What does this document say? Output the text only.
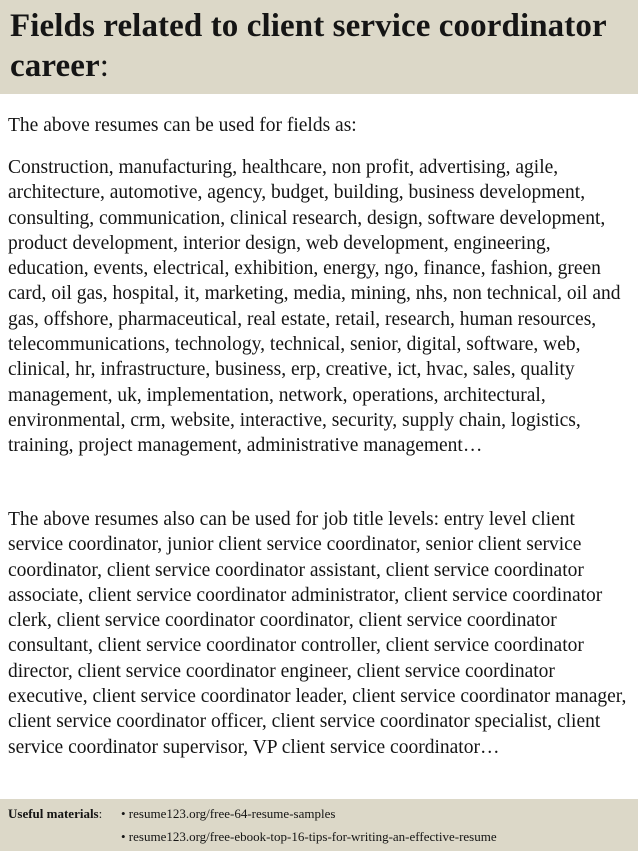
Fields related to client service coordinator career:

The above resumes can be used for fields as:

Construction, manufacturing, healthcare, non profit, advertising, agile, architecture, automotive, agency, budget, building, business development, consulting, communication, clinical research, design, software development, product development, interior design, web development, engineering, education, events, electrical, exhibition, energy, ngo, finance, fashion, green card, oil gas, hospital, it, marketing, media, mining, nhs, non technical, oil and gas, offshore, pharmaceutical, real estate, retail, research, human resources, telecommunications, technology, technical, senior, digital, software, web, clinical, hr, infrastructure, business, erp, creative, ict, hvac, sales, quality management, uk, implementation, network, operations, architectural, environmental, crm, website, interactive, security, supply chain, logistics, training, project management, administrative management…

The above resumes also can be used for job title levels: entry level client service coordinator, junior client service coordinator, senior client service coordinator, client service coordinator assistant, client service coordinator associate, client service coordinator administrator, client service coordinator clerk, client service coordinator coordinator, client service coordinator consultant, client service coordinator controller, client service coordinator director, client service coordinator engineer, client service coordinator executive, client service coordinator leader, client service coordinator manager, client service coordinator officer, client service coordinator specialist, client service coordinator supervisor, VP client service coordinator…

Useful materials: • resume123.org/free-64-resume-samples
• resume123.org/free-ebook-top-16-tips-for-writing-an-effective-resume
